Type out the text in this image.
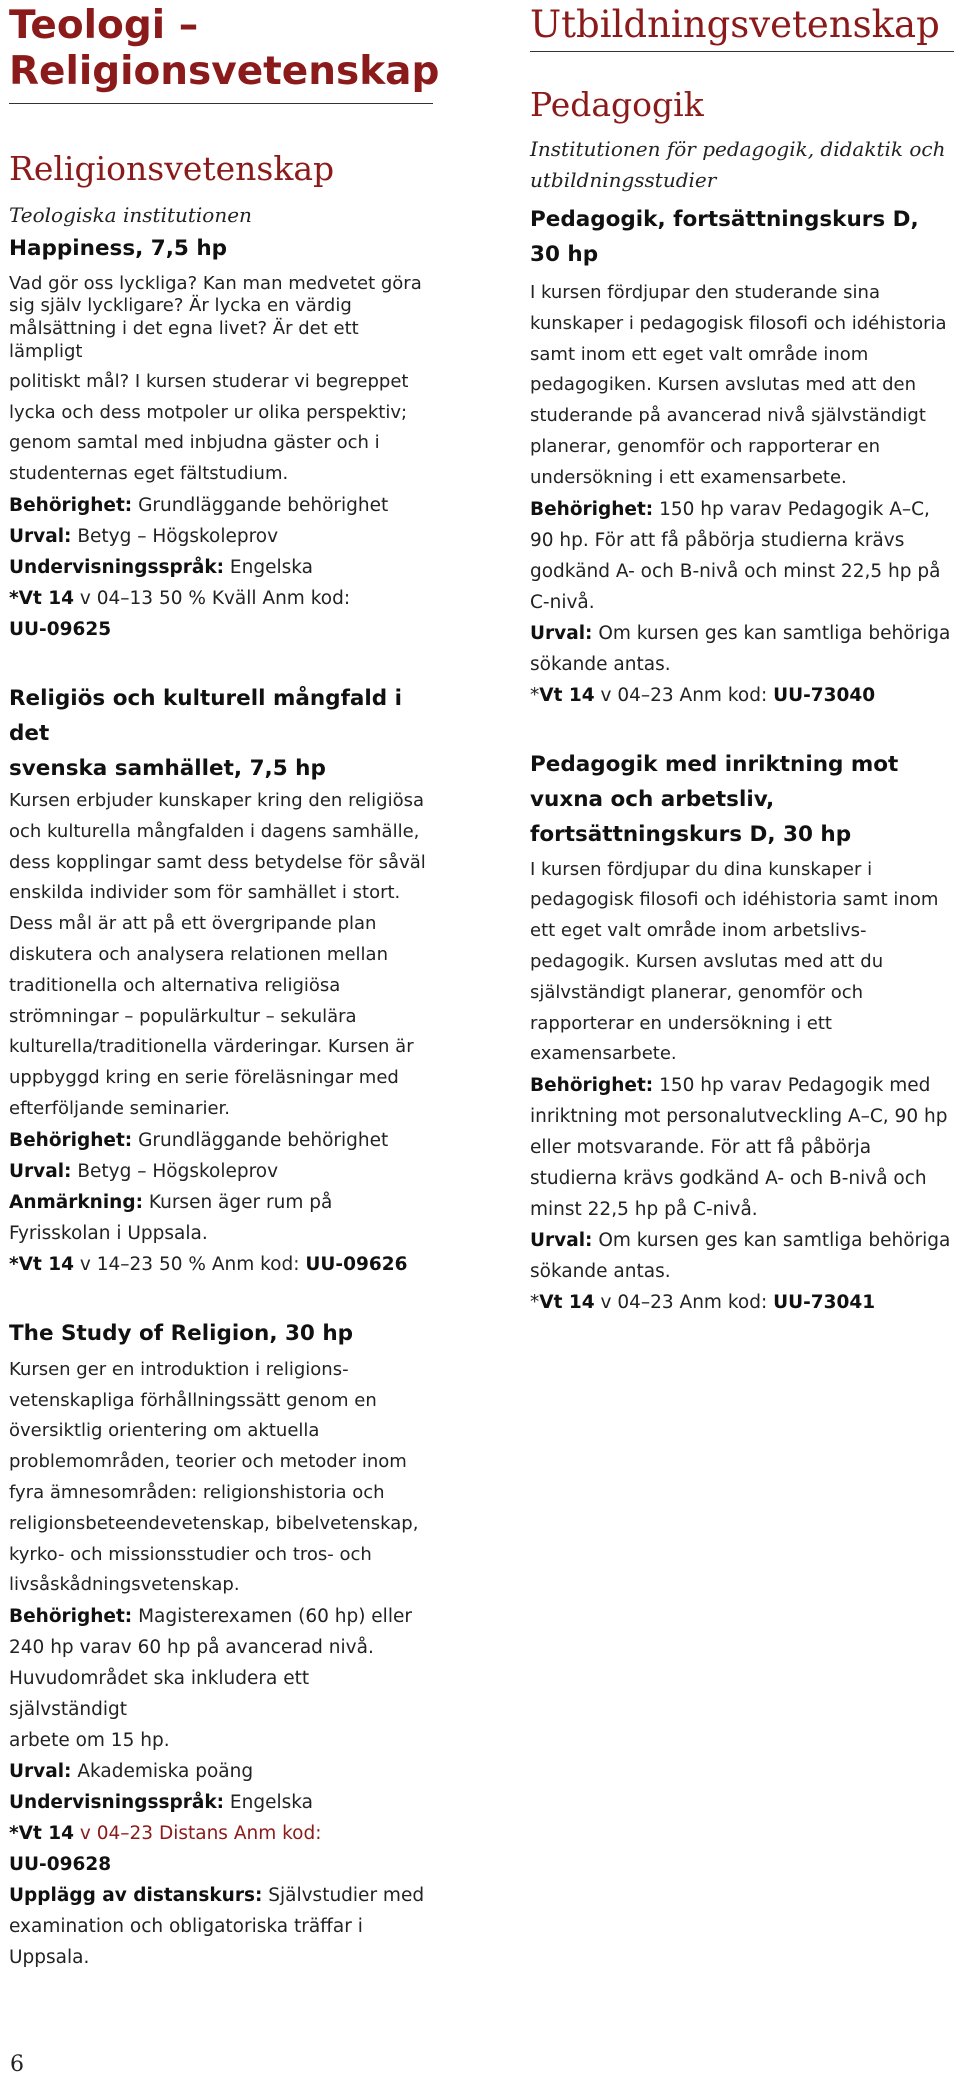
Teologi –
Religionsvetenskap
Religionsvetenskap
Teologiska institutionen
Happiness, 7,5 hp
Vad gör oss lyckliga? Kan man medvetet göra
sig själv lyckligare? Är lycka en värdig
målsättning i det egna livet? Är det ett lämpligt
politiskt mål? I kursen studerar vi begreppet
lycka och dess motpoler ur olika perspektiv;
genom samtal med inbjudna gäster och i
studenternas eget fältstudium.
Behörighet: Grundläggande behörighet
Urval: Betyg – Högskoleprov
Undervisningsspråk: Engelska
*Vt 14 v 04–13 50 % Kväll Anm kod:
UU-09625
Religiös och kulturell mångfald i det
svenska samhället, 7,5 hp
Kursen erbjuder kunskaper kring den religiösa
och kulturella mångfalden i dagens samhälle,
dess kopplingar samt dess betydelse för såväl
enskilda individer som för samhället i stort.
Dess mål är att på ett övergripande plan
diskutera och analysera relationen mellan
traditionella och alternativa religiösa
strömningar – populärkultur – sekulära
kulturella/traditionella värderingar. Kursen är
uppbyggd kring en serie föreläsningar med
efterföljande seminarier.
Behörighet: Grundläggande behörighet
Urval: Betyg – Högskoleprov
Anmärkning: Kursen äger rum på
Fyrisskolan i Uppsala.
*Vt 14 v 14–23 50 % Anm kod: UU-09626
The Study of Religion, 30 hp
Kursen ger en introduktion i religions-
vetenskapliga förhållningssätt genom en
översiktlig orientering om aktuella
problemområden, teorier och metoder inom
fyra ämnesområden: religionshistoria och
religionsbeteendevetenskap, bibelvetenskap,
kyrko- och missionsstudier och tros- och
livsåskådningsvetenskap.
Behörighet: Magisterexamen (60 hp) eller
240 hp varav 60 hp på avancerad nivå.
Huvudområdet ska inkludera ett självständigt
arbete om 15 hp.
Urval: Akademiska poäng
Undervisningsspråk: Engelska
*Vt 14 v 04–23 Distans Anm kod:
UU-09628
Upplägg av distanskurs: Självstudier med
examination och obligatoriska träffar i
Uppsala.
Utbildningsvetenskap
Pedagogik
Institutionen för pedagogik, didaktik och
utbildningsstudier
Pedagogik, fortsättningskurs D,
30 hp
I kursen fördjupar den studerande sina
kunskaper i pedagogisk filosofi och idéhistoria
samt inom ett eget valt område inom
pedagogiken. Kursen avslutas med att den
studerande på avancerad nivå självständigt
planerar, genomför och rapporterar en
undersökning i ett examensarbete.
Behörighet: 150 hp varav Pedagogik A–C,
90 hp. För att få påbörja studierna krävs
godkänd A- och B-nivå och minst 22,5 hp på
C-nivå.
Urval: Om kursen ges kan samtliga behöriga
sökande antas.
*Vt 14 v 04–23 Anm kod: UU-73040
Pedagogik med inriktning mot
vuxna och arbetsliv,
fortsättningskurs D, 30 hp
I kursen fördjupar du dina kunskaper i
pedagogisk filosofi och idéhistoria samt inom
ett eget valt område inom arbetslivs-
pedagogik. Kursen avslutas med att du
självständigt planerar, genomför och
rapporterar en undersökning i ett
examensarbete.
Behörighet: 150 hp varav Pedagogik med
inriktning mot personalutveckling A–C, 90 hp
eller motsvarande. För att få påbörja
studierna krävs godkänd A- och B-nivå och
minst 22,5 hp på C-nivå.
Urval: Om kursen ges kan samtliga behöriga
sökande antas.
*Vt 14 v 04–23 Anm kod: UU-73041
6
